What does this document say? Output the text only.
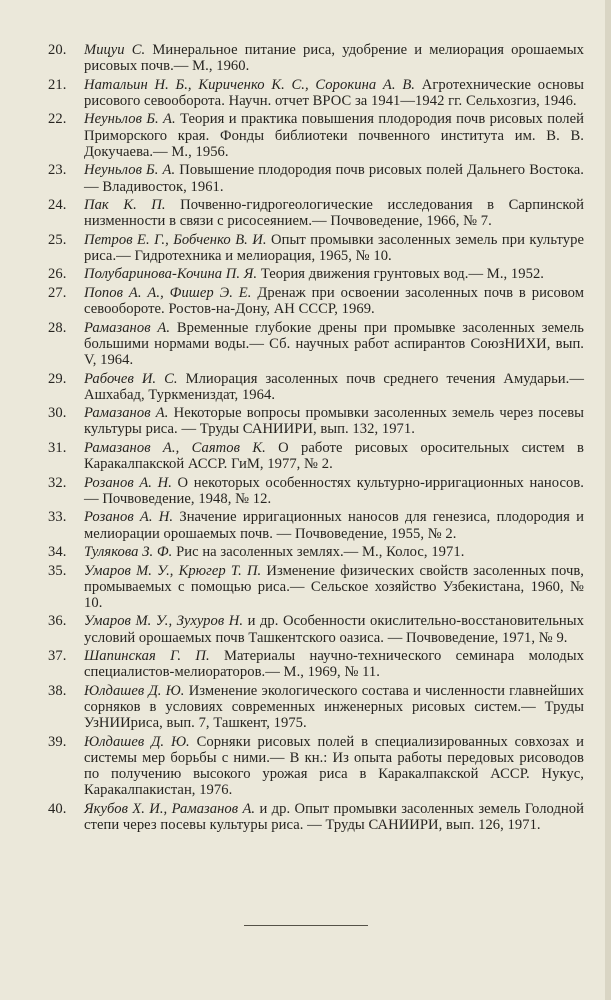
20.	Мицуи С. Минеральное питание риса, удобрение и мелиорация орошаемых рисовых почв.— М., 1960.
21.	Натальин Н. Б., Кириченко К. С., Сорокина А. В. Агротехнические основы рисового севооборота. Научн. отчет ВРОС за 1941—1942 гг. Сельхозгиз, 1946.
22.	Неуньлов Б. А. Теория и практика повышения плодородия почв рисовых полей Приморского края. Фонды библиотеки почвенного института им. В. В. Докучаева.— М., 1956.
23.	Неуньлов Б. А. Повышение плодородия почв рисовых полей Дальнего Востока.— Владивосток, 1961.
24.	Пак К. П. Почвенно-гидрогеологические исследования в Сарпинской низменности в связи с рисосеянием.— Почвоведение, 1966, № 7.
25.	Петров Е. Г., Бобченко В. И. Опыт промывки засоленных земель при культуре риса.— Гидротехника и мелиорация, 1965, № 10.
26.	Полубаринова-Кочина П. Я. Теория движения грунтовых вод.— М., 1952.
27.	Попов А. А., Фишер Э. Е. Дренаж при освоении засоленных почв в рисовом севообороте. Ростов-на-Дону, АН СССР, 1969.
28.	Рамазанов А. Временные глубокие дрены при промывке засоленных земель большими нормами воды.— Сб. научных работ аспирантов СоюзНИХИ, вып. V, 1964.
29.	Рабочев И. С. Млиорация засоленных почв среднего течения Амударьи.— Ашхабад, Туркмениздат, 1964.
30.	Рамазанов А. Некоторые вопросы промывки засоленных земель через посевы культуры риса. — Труды САНИИРИ, вып. 132, 1971.
31.	Рамазанов А., Саятов К. О работе рисовых оросительных систем в Каракалпакской АССР. ГиМ, 1977, № 2.
32.	Розанов А. Н. О некоторых особенностях культурно-ирригационных наносов.— Почвоведение, 1948, № 12.
33.	Розанов А. Н. Значение ирригационных наносов для генезиса, плодородия и мелиорации орошаемых почв. — Почвоведение, 1955, № 2.
34.	Тулякова З. Ф. Рис на засоленных землях.— М., Колос, 1971.
35.	Умаров М. У., Крюгер Т. П. Изменение физических свойств засоленных почв, промываемых с помощью риса.— Сельское хозяйство Узбекистана, 1960, № 10.
36.	Умаров М. У., Зухуров Н. и др. Особенности окислительно-восстановительных условий орошаемых почв Ташкентского оазиса. — Почвоведение, 1971, № 9.
37.	Шапинская Г. П. Материалы научно-технического семинара молодых специалистов-мелиораторов.— М., 1969, № 11.
38.	Юлдашев Д. Ю. Изменение экологического состава и численности главнейших сорняков в условиях современных инженерных рисовых систем.— Труды УзНИИриса, вып. 7, Ташкент, 1975.
39.	Юлдашев Д. Ю. Сорняки рисовых полей в специализированных совхозах и системы мер борьбы с ними.— В кн.: Из опыта работы передовых рисоводов по получению высокого урожая риса в Каракалпакской АССР. Нукус, Каракалпакистан, 1976.
40.	Якубов Х. И., Рамазанов А. и др. Опыт промывки засоленных земель Голодной степи через посевы культуры риса. — Труды САНИИРИ, вып. 126, 1971.
